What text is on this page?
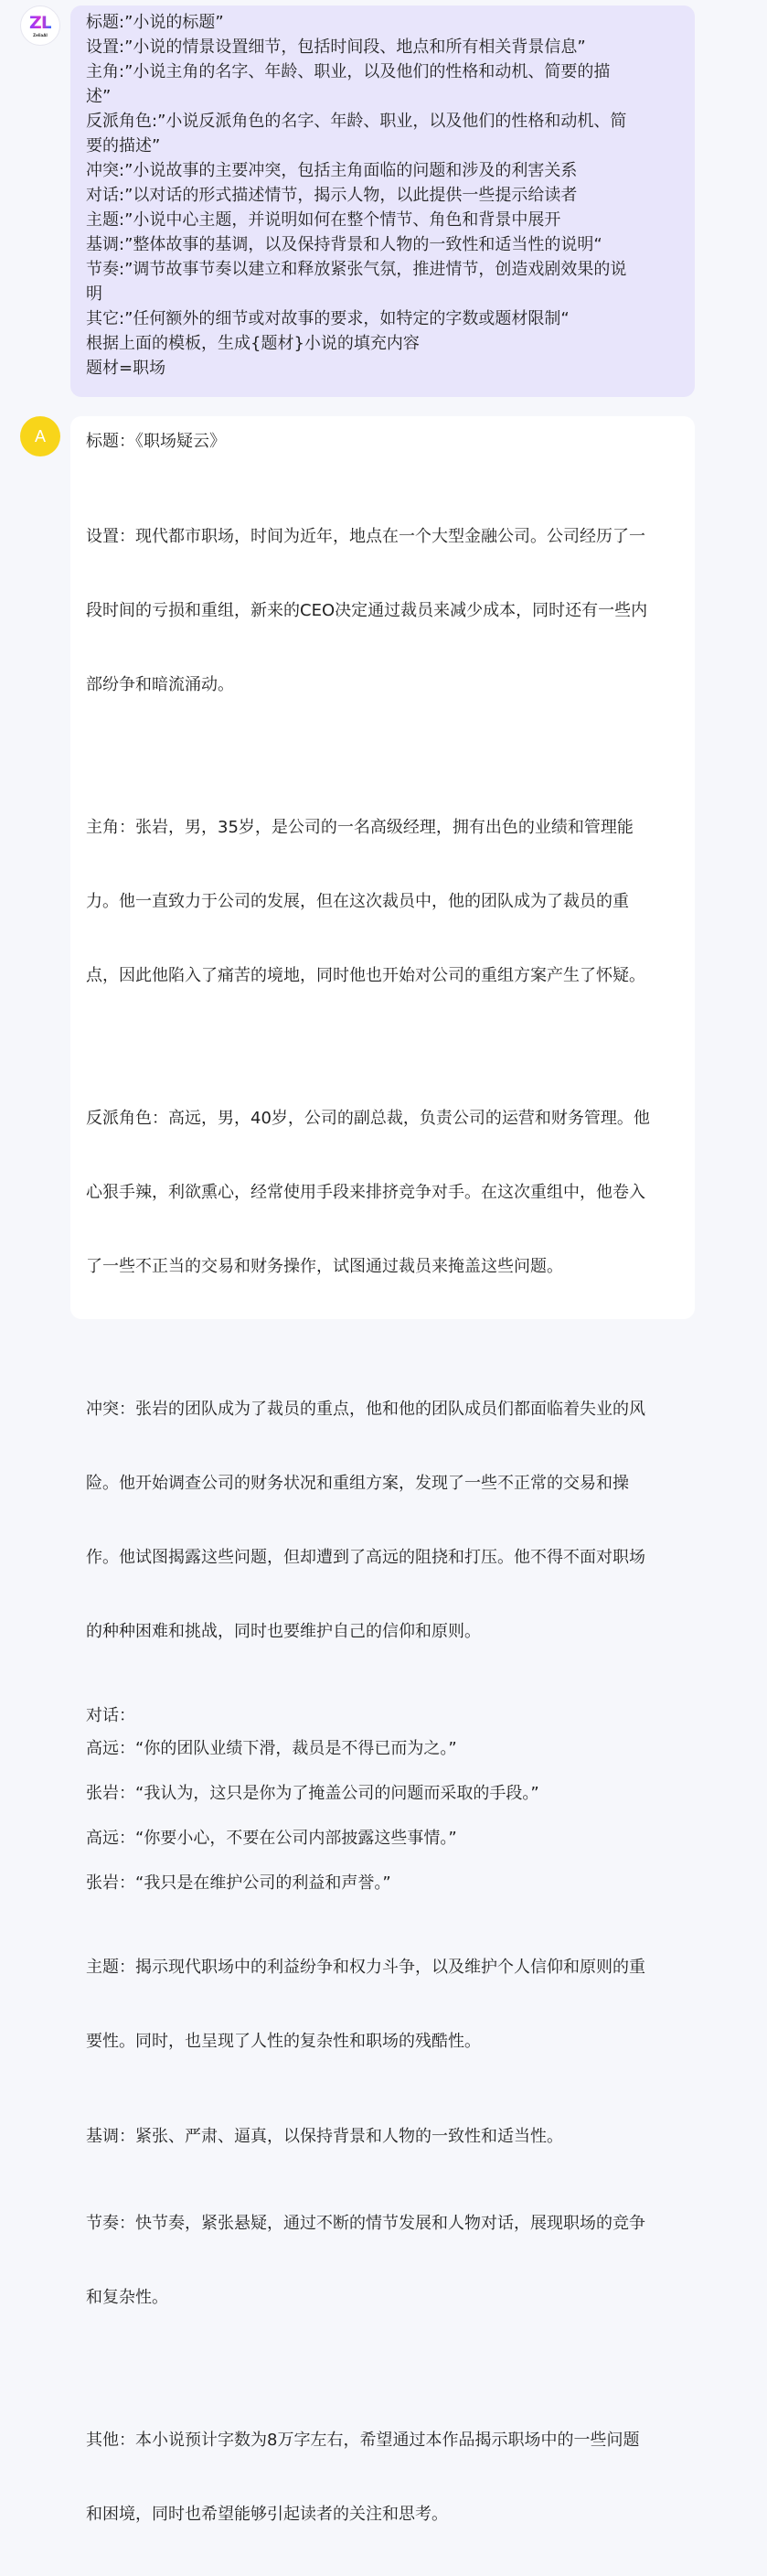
ZL
ZeliaAI

标题:”小说的标题”

设置:”小说的情景设置细节，包括时间段、地点和所有相关背景信息”

主角:”小说主角的名字、年龄、职业，以及他们的性格和动机、简要的描

述”

反派角色:”小说反派角色的名字、年龄、职业，以及他们的性格和动机、简

要的描述”

冲突:”小说故事的主要冲突，包括主角面临的问题和涉及的利害关系

对话:”以对话的形式描述情节，揭示人物，以此提供一些提示给读者

主题:”小说中心主题，并说明如何在整个情节、角色和背景中展开

基调:”整体故事的基调，以及保持背景和人物的一致性和适当性的说明“

节奏:”调节故事节奏以建立和释放紧张气氛，推进情节，创造戏剧效果的说

明

其它:”任何额外的细节或对故事的要求，如特定的字数或题材限制“

根据上面的模板，生成{题材}小说的填充内容

题材=职场

A 标题：《职场疑云》

设置：现代都市职场，时间为近年，地点在一个大型金融公司。公司经历了一

段时间的亏损和重组，新来的CEO决定通过裁员来减少成本，同时还有一些内

部纷争和暗流涌动。

主角：张岩，男，35岁，是公司的一名高级经理，拥有出色的业绩和管理能

力。他一直致力于公司的发展，但在这次裁员中，他的团队成为了裁员的重

点，因此他陷入了痛苦的境地，同时他也开始对公司的重组方案产生了怀疑。

反派角色：高远，男，40岁，公司的副总裁，负责公司的运营和财务管理。他

心狠手辣，利欲熏心，经常使用手段来排挤竞争对手。在这次重组中，他卷入

了一些不正当的交易和财务操作，试图通过裁员来掩盖这些问题。

冲突：张岩的团队成为了裁员的重点，他和他的团队成员们都面临着失业的风

险。他开始调查公司的财务状况和重组方案，发现了一些不正常的交易和操

作。他试图揭露这些问题，但却遭到了高远的阻挠和打压。他不得不面对职场

的种种困难和挑战，同时也要维护自己的信仰和原则。

对话：
高远：“你的团队业绩下滑，裁员是不得已而为之。”
张岩：“我认为，这只是你为了掩盖公司的问题而采取的手段。”
高远：“你要小心，不要在公司内部披露这些事情。”
张岩：“我只是在维护公司的利益和声誉。”

主题：揭示现代职场中的利益纷争和权力斗争，以及维护个人信仰和原则的重

要性。同时，也呈现了人性的复杂性和职场的残酷性。

基调：紧张、严肃、逼真，以保持背景和人物的一致性和适当性。

节奏：快节奏，紧张悬疑，通过不断的情节发展和人物对话，展现职场的竞争

和复杂性。

其他：本小说预计字数为8万字左右，希望通过本作品揭示职场中的一些问题

和困境，同时也希望能够引起读者的关注和思考。
